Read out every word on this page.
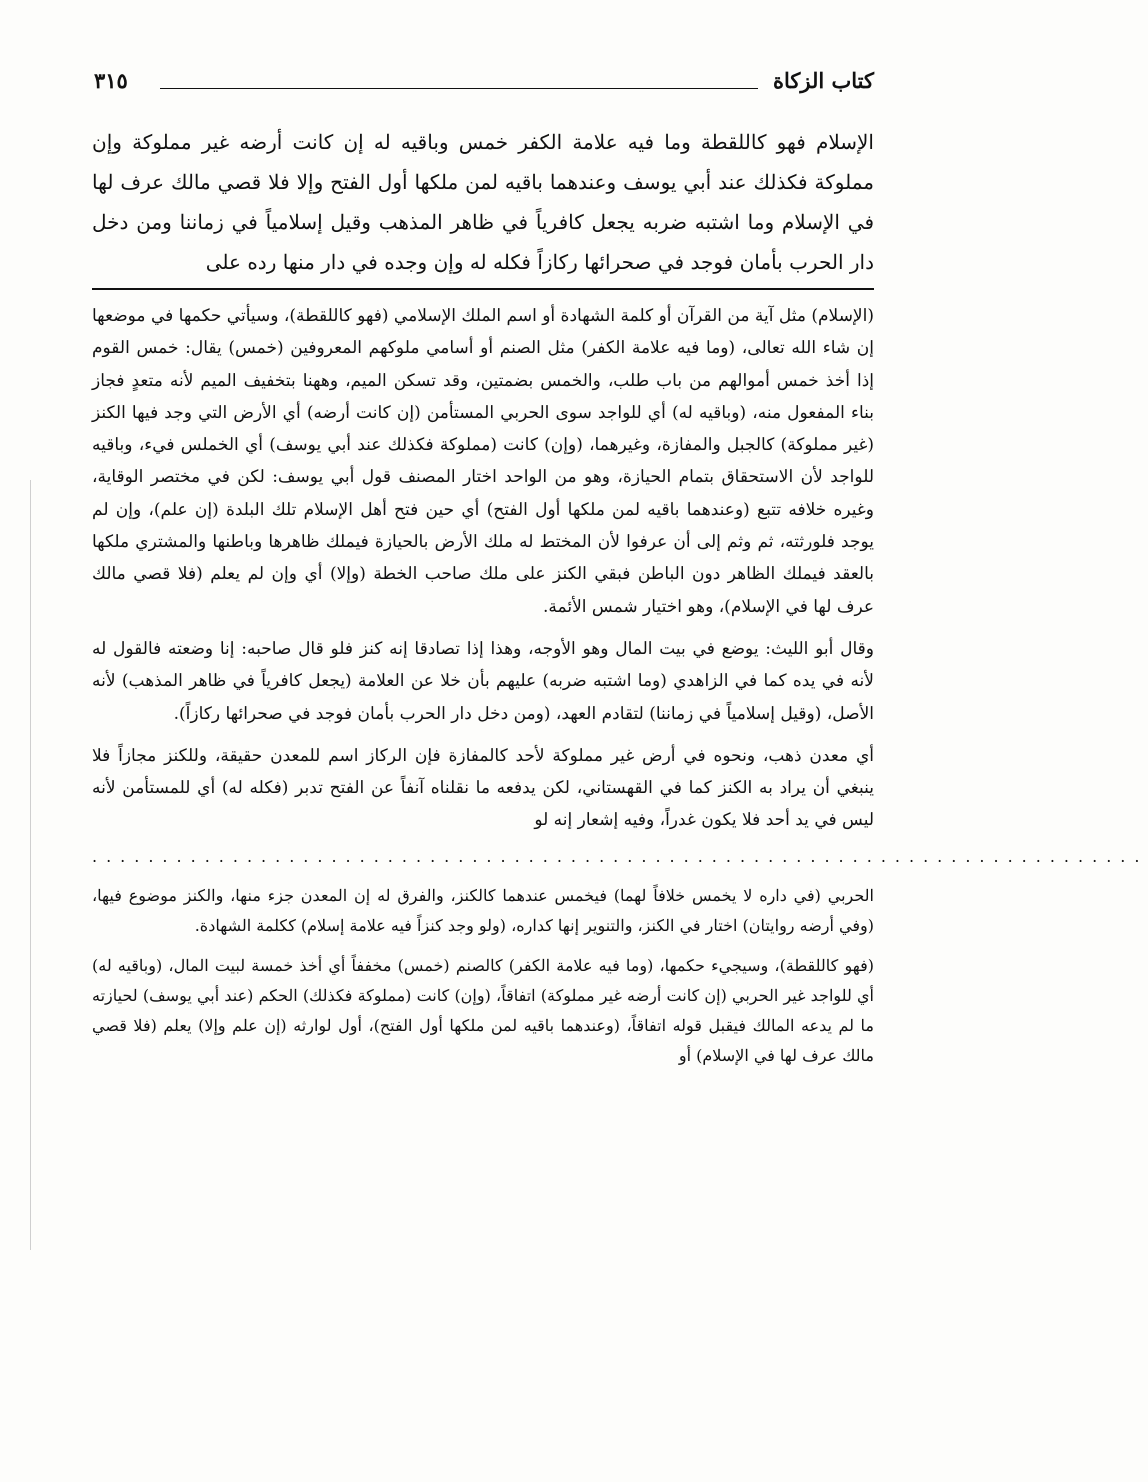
كتاب الزكاة
٣١٥
الإسلام فهو كاللقطة وما فيه علامة الكفر خمس وباقيه له إن كانت أرضه غير مملوكة وإن مملوكة فكذلك عند أبي يوسف وعندهما باقيه لمن ملكها أول الفتح وإلا فلا قصي مالك عرف لها في الإسلام وما اشتبه ضربه يجعل كافرياً في ظاهر المذهب وقيل إسلامياً في زماننا ومن دخل دار الحرب بأمان فوجد في صحرائها ركازاً فكله له وإن وجده في دار منها رده على

(الإسلام) مثل آية من القرآن أو كلمة الشهادة أو اسم الملك الإسلامي (فهو كاللقطة)، وسيأتي حكمها في موضعها إن شاء الله تعالى، (وما فيه علامة الكفر) مثل الصنم أو أسامي ملوكهم المعروفين (خمس) يقال: خمس القوم إذا أخذ خمس أموالهم من باب طلب، والخمس بضمتين، وقد تسكن الميم، وههنا بتخفيف الميم لأنه متعدٍ فجاز بناء المفعول منه، (وباقيه له) أي للواجد سوى الحربي المستأمن (إن كانت أرضه) أي الأرض التي وجد فيها الكنز (غير مملوكة) كالجبل والمفازة، وغيرهما، (وإن) كانت (مملوكة فكذلك عند أبي يوسف) أي الخملس فيء، وباقيه للواجد لأن الاستحقاق بتمام الحيازة، وهو من الواحد اختار المصنف قول أبي يوسف: لكن في مختصر الوقاية، وغيره خلافه تتبع (وعندهما باقيه لمن ملكها أول الفتح) أي حين فتح أهل الإسلام تلك البلدة (إن علم)، وإن لم يوجد فلورثته، ثم وثم إلى أن عرفوا لأن المختط له ملك الأرض بالحيازة فيملك ظاهرها وباطنها والمشتري ملكها بالعقد فيملك الظاهر دون الباطن فبقي الكنز على ملك صاحب الخطة (وإلا) أي وإن لم يعلم (فلا قصي مالك عرف لها في الإسلام)، وهو اختيار شمس الأئمة.

وقال أبو الليث: يوضع في بيت المال وهو الأوجه، وهذا إذا تصادقا إنه كنز فلو قال صاحبه: إنا وضعته فالقول له لأنه في يده كما في الزاهدي (وما اشتبه ضربه) عليهم بأن خلا عن العلامة (يجعل كافرياً في ظاهر المذهب) لأنه الأصل، (وقيل إسلامياً في زماننا) لتقادم العهد، (ومن دخل دار الحرب بأمان فوجد في صحرائها ركازاً).

أي معدن ذهب، ونحوه في أرض غير مملوكة لأحد كالمفازة فإن الركاز اسم للمعدن حقيقة، وللكنز مجازاً فلا ينبغي أن يراد به الكنز كما في القهستاني، لكن يدفعه ما نقلناه آنفاً عن الفتح تدبر (فكله له) أي للمستأمن لأنه ليس في يد أحد فلا يكون غدراً، وفيه إشعار إنه لو

...........................................................................

الحربي (في داره لا يخمس خلافاً لهما) فيخمس عندهما كالكنز، والفرق له إن المعدن جزء منها، والكنز موضوع فيها، (وفي أرضه روايتان) اختار في الكنز، والتنوير إنها كداره، (ولو وجد كنزاً فيه علامة إسلام) ككلمة الشهادة.

(فهو كاللقطة)، وسيجيء حكمها، (وما فيه علامة الكفر) كالصنم (خمس) مخففاً أي أخذ خمسة لبيت المال، (وباقيه له) أي للواجد غير الحربي (إن كانت أرضه غير مملوكة) اتفاقاً، (وإن) كانت (مملوكة فكذلك) الحكم (عند أبي يوسف) لحيازته ما لم يدعه المالك فيقبل قوله اتفاقاً، (وعندهما باقيه لمن ملكها أول الفتح)، أول لوارثه (إن علم وإلا) يعلم (فلا قصي مالك عرف لها في الإسلام) أو
